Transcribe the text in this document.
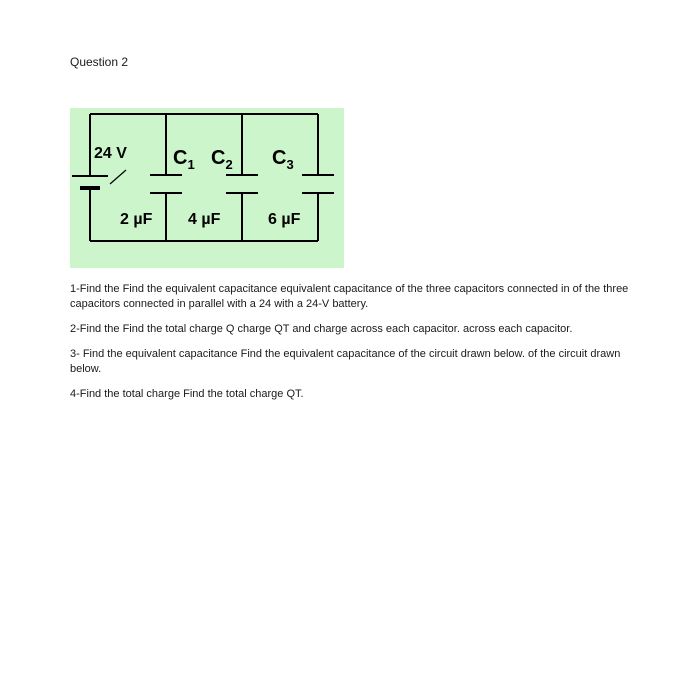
Question 2
24 V $C_1$ $C_2$ $C_3$
2 µF 4 µF	6 µF

1-Find the Find the equivalent capacitance equivalent capacitance of the three capacitors connected in of the three capacitors connected in parallel with a 24 with a 24-V battery.

2-Find the Find the total charge Q charge QT and charge across each capacitor. across each capacitor.

3- Find the equivalent capacitance Find the equivalent capacitance of the circuit drawn below. of the circuit drawn below.

4-Find the total charge Find the total charge QT.
